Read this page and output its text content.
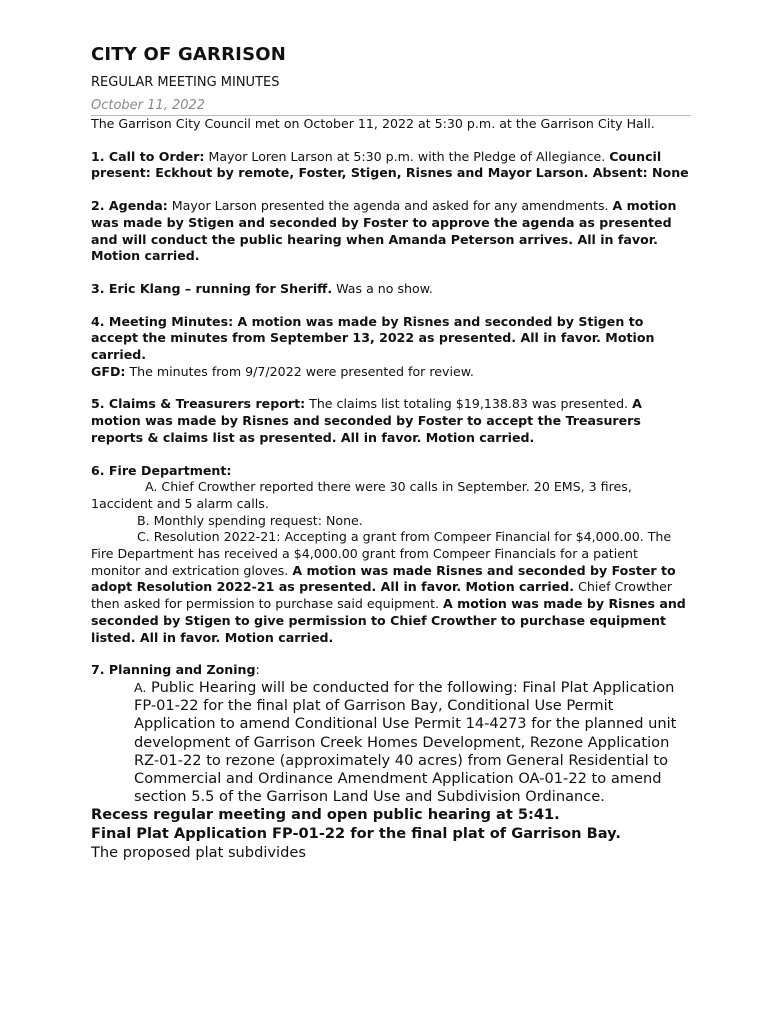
CITY OF GARRISON
REGULAR MEETING MINUTES
October 11, 2022

The Garrison City Council met on October 11, 2022 at 5:30 p.m. at the Garrison City Hall.

1. Call to Order: Mayor Loren Larson at 5:30 p.m. with the Pledge of Allegiance. Council present: Eckhout by remote, Foster, Stigen, Risnes and Mayor Larson. Absent: None

2. Agenda: Mayor Larson presented the agenda and asked for any amendments. A motion was made by Stigen and seconded by Foster to approve the agenda as presented and will conduct the public hearing when Amanda Peterson arrives. All in favor. Motion carried.

3. Eric Klang – running for Sheriff. Was a no show.

4. Meeting Minutes: A motion was made by Risnes and seconded by Stigen to accept the minutes from September 13, 2022 as presented. All in favor. Motion carried.

GFD: The minutes from 9/7/2022 were presented for review.

5. Claims & Treasurers report: The claims list totaling $19,138.83 was presented. A motion was made by Risnes and seconded by Foster to accept the Treasurers reports & claims list as presented. All in favor. Motion carried.

6. Fire Department:

A. Chief Crowther reported there were 30 calls in September. 20 EMS, 3 fires, 1accident and 5 alarm calls.

B. Monthly spending request: None.

C. Resolution 2022-21: Accepting a grant from Compeer Financial for $4,000.00. The Fire Department has received a $4,000.00 grant from Compeer Financials for a patient monitor and extrication gloves. A motion was made Risnes and seconded by Foster to adopt Resolution 2022-21 as presented. All in favor. Motion carried. Chief Crowther then asked for permission to purchase said equipment. A motion was made by Risnes and seconded by Stigen to give permission to Chief Crowther to purchase equipment listed. All in favor. Motion carried.

7. Planning and Zoning:

A. Public Hearing will be conducted for the following: Final Plat Application FP-01-22 for the final plat of Garrison Bay, Conditional Use Permit Application to amend Conditional Use Permit 14-4273 for the planned unit development of Garrison Creek Homes Development, Rezone Application RZ-01-22 to rezone (approximately 40 acres) from General Residential to Commercial and Ordinance Amendment Application OA-01-22 to amend section 5.5 of the Garrison Land Use and Subdivision Ordinance.

Recess regular meeting and open public hearing at 5:41.

Final Plat Application FP-01-22 for the final plat of Garrison Bay.

The proposed plat subdivides
